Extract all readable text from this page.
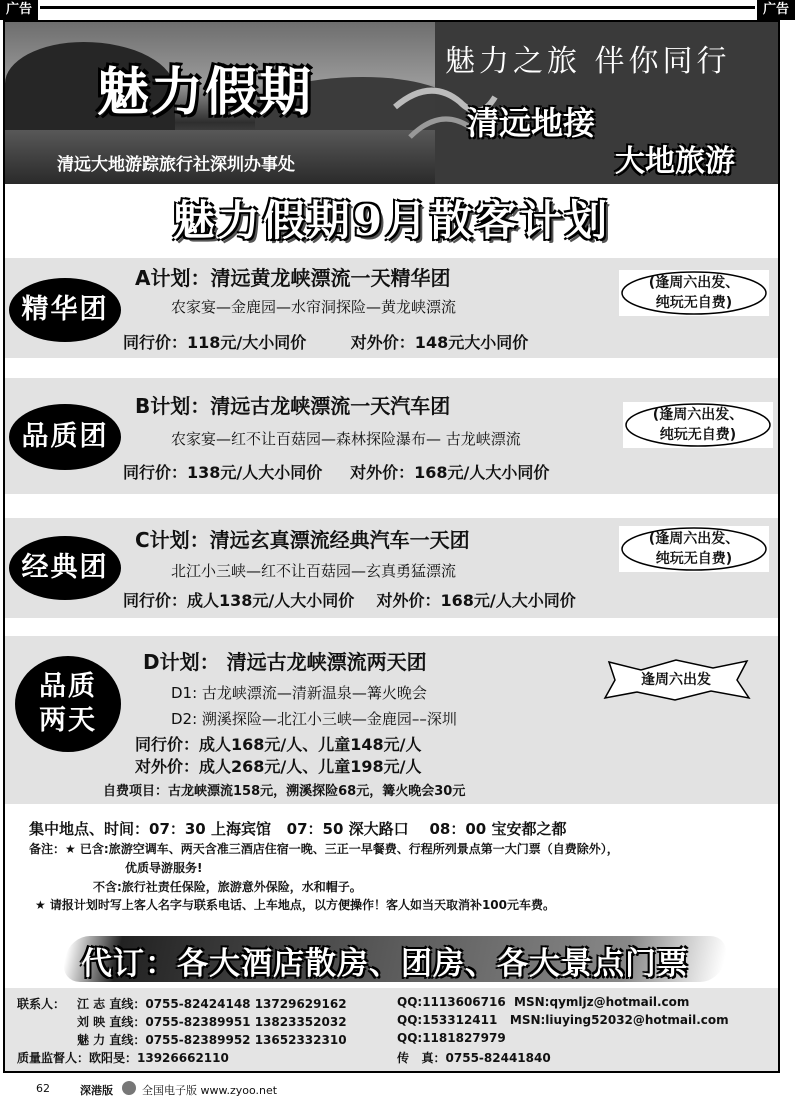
广告	广告
魅力假期
清远大地游踪旅行社深圳办事处
魅力之旅 伴你同行
清远地接
大地旅游
魅力假期9月散客计划
精华团
A计划：清远黄龙峡漂流一天精华团
农家宴—金鹿园—水帘洞探险—黄龙峡漂流
同行价：118元/大小同价        对外价：148元大小同价
(逢周六出发、
纯玩无自费)
品质团
B计划：清远古龙峡漂流一天汽车团
农家宴—红不让百菇园—森林探险瀑布— 古龙峡漂流
同行价：138元/人大小同价     对外价：168元/人大小同价
(逢周六出发、
纯玩无自费)
经典团
C计划：清远玄真漂流经典汽车一天团
北江小三峡—红不让百菇园—玄真勇猛漂流
同行价：成人138元/人大小同价    对外价：168元/人大小同价
(逢周六出发、
纯玩无自费)
品质
两天
D计划： 清远古龙峡漂流两天团
D1: 古龙峡漂流—清新温泉—篝火晚会
D2: 溯溪探险—北江小三峡—金鹿园––深圳
同行价：成人168元/人、儿童148元/人
对外价：成人268元/人、儿童198元/人
自费项目：古龙峡漂流158元，溯溪探险68元，篝火晚会30元
逢周六出发
集中地点、时间：07：30 上海宾馆   07：50 深大路口    08：00 宝安都之都
备注：★ 已含:旅游空调车、两天含准三酒店住宿一晚、三正一早餐费、行程所列景点第一大门票（自费除外），
优质导游服务!
不含:旅行社责任保险，旅游意外保险，水和帽子。
★ 请报计划时写上客人名字与联系电话、上车地点，以方便操作！客人如当天取消补100元车费。
代订：各大酒店散房、团房、各大景点门票
联系人： 江 志 直线：0755-82424148 13729629162
刘 映 直线：0755-82389951 13823352032
魅 力 直线：0755-82389952 13652332310
质量监督人：欧阳旻：13926662110
QQ:1113606716  MSN:qymljz@hotmail.com
QQ:153312411   MSN:liuying52032@hotmail.com
QQ:1181827979
传   真：0755-82441840
62	深港版	全国电子版 www.zyoo.net
